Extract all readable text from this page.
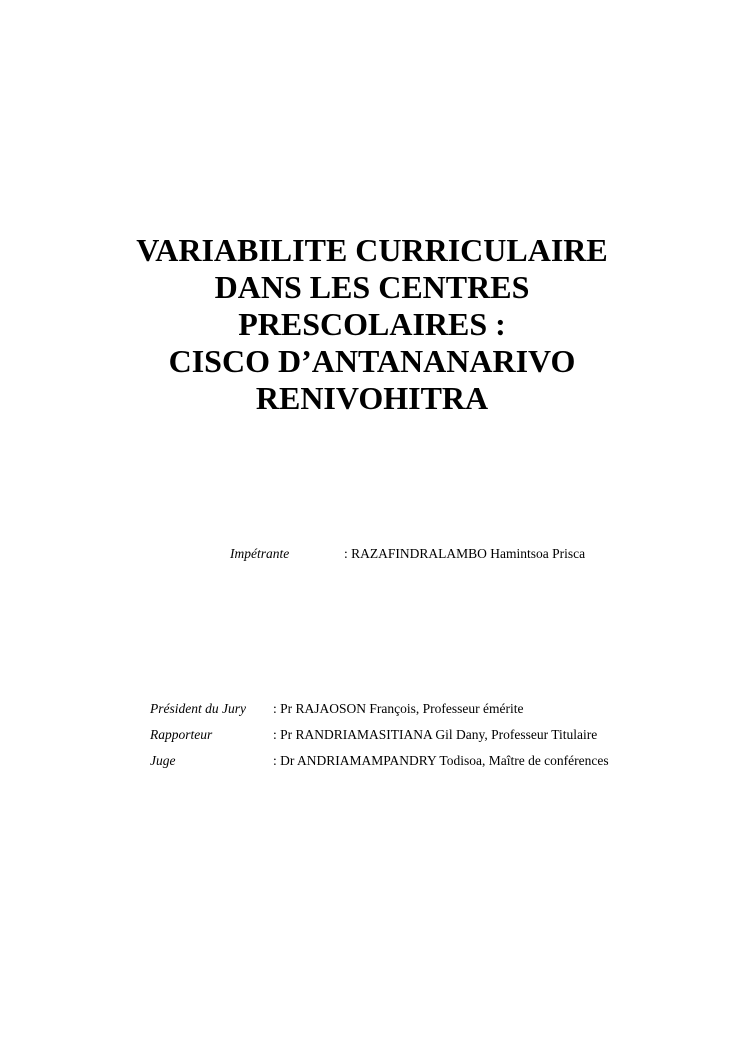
VARIABILITE CURRICULAIRE
DANS LES CENTRES
PRESCOLAIRES :
CISCO D’ANTANANARIVO
RENIVOHITRA
Impétrante	: RAZAFINDRALAMBO Hamintsoa Prisca
Président du Jury : Pr RAJAOSON François, Professeur émérite
Rapporteur	: Pr RANDRIAMASITIANA Gil Dany, Professeur Titulaire
Juge	: Dr ANDRIAMAMPANDRY Todisoa, Maître de conférences
